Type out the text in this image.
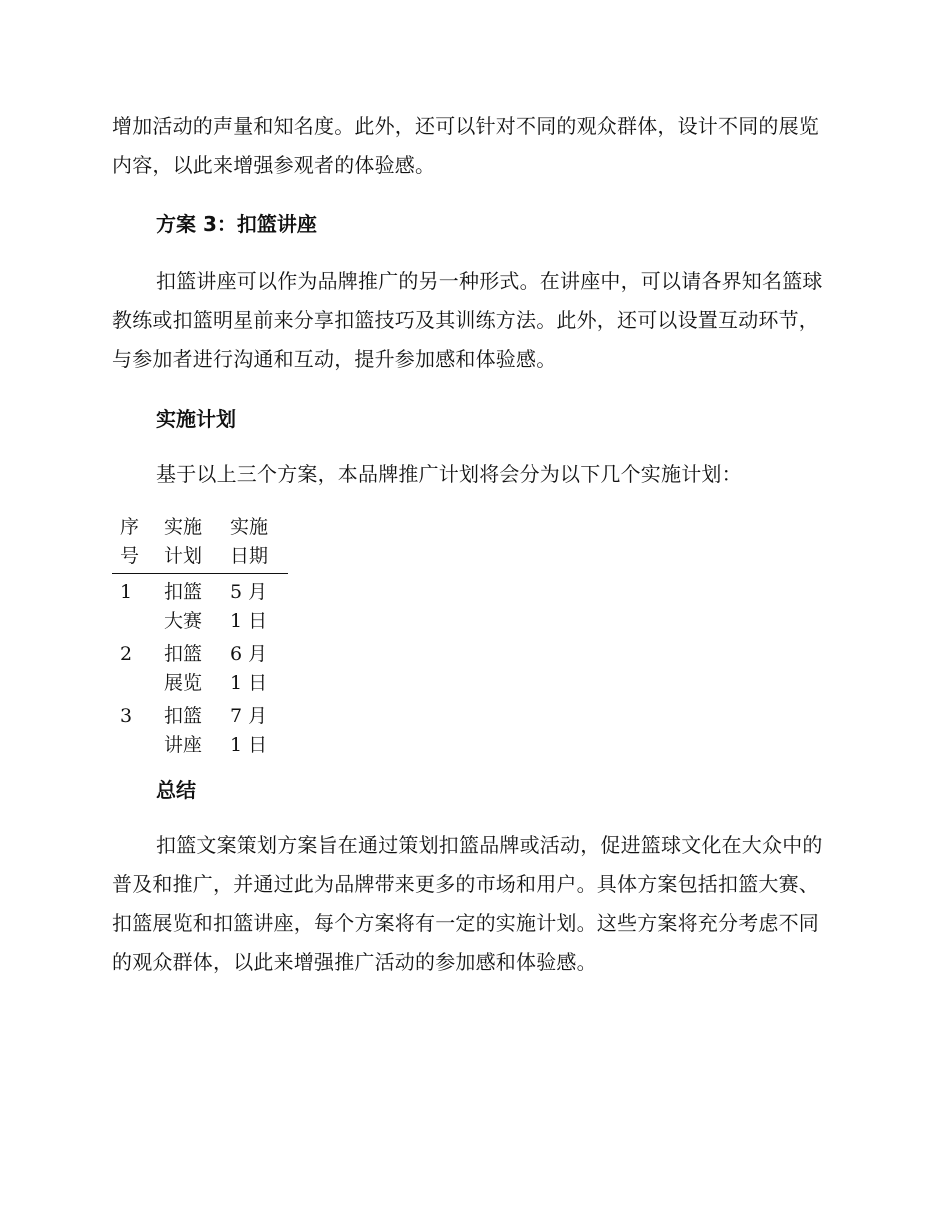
增加活动的声量和知名度。此外，还可以针对不同的观众群体，设计不同的展览内容，以此来增强参观者的体验感。

方案 3：扣篮讲座

扣篮讲座可以作为品牌推广的另一种形式。在讲座中，可以请各界知名篮球教练或扣篮明星前来分享扣篮技巧及其训练方法。此外，还可以设置互动环节，与参加者进行沟通和互动，提升参加感和体验感。

实施计划

基于以上三个方案，本品牌推广计划将会分为以下几个实施计划：

序号	实施计划	实施日期

1	扣篮大赛	5 月 1 日

2	扣篮展览	6 月 1 日

3	扣篮讲座	7 月 1 日
总结

扣篮文案策划方案旨在通过策划扣篮品牌或活动，促进篮球文化在大众中的普及和推广，并通过此为品牌带来更多的市场和用户。具体方案包括扣篮大赛、扣篮展览和扣篮讲座，每个方案将有一定的实施计划。这些方案将充分考虑不同的观众群体，以此来增强推广活动的参加感和体验感。
